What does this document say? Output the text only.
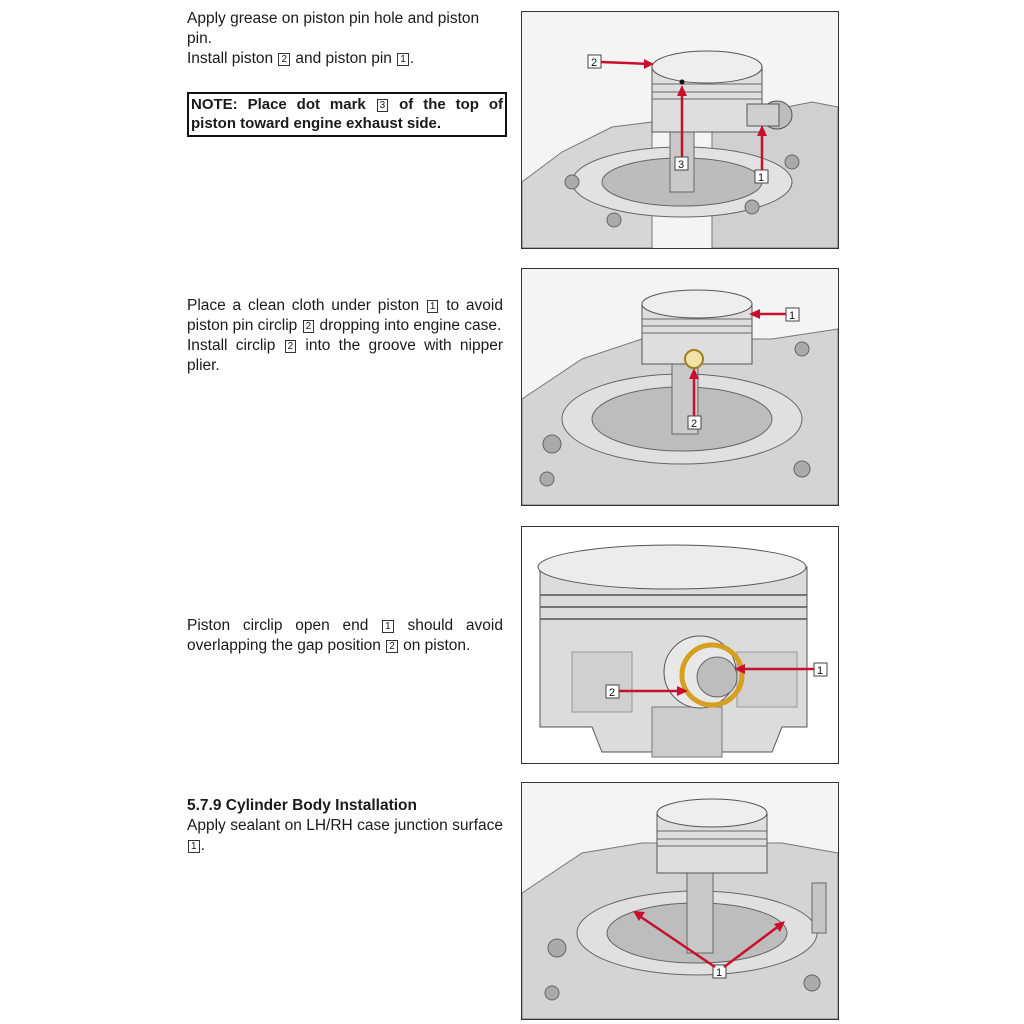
Apply grease on piston pin hole and piston pin.

Install piston 2 and piston pin 1 .

NOTE: Place dot mark 3 of the top of piston toward engine exhaust side.
2
3
1

Place a clean cloth under piston 1 to avoid piston pin circlip 2 dropping into engine case.

Install circlip 2 into the groove with nipper plier.

1
2

Piston circlip open end 1 should avoid overlapping the gap position 2 on piston.

1
2

5.7.9 Cylinder Body Installation

Apply sealant on LH/RH case junction surface 1 .

1
